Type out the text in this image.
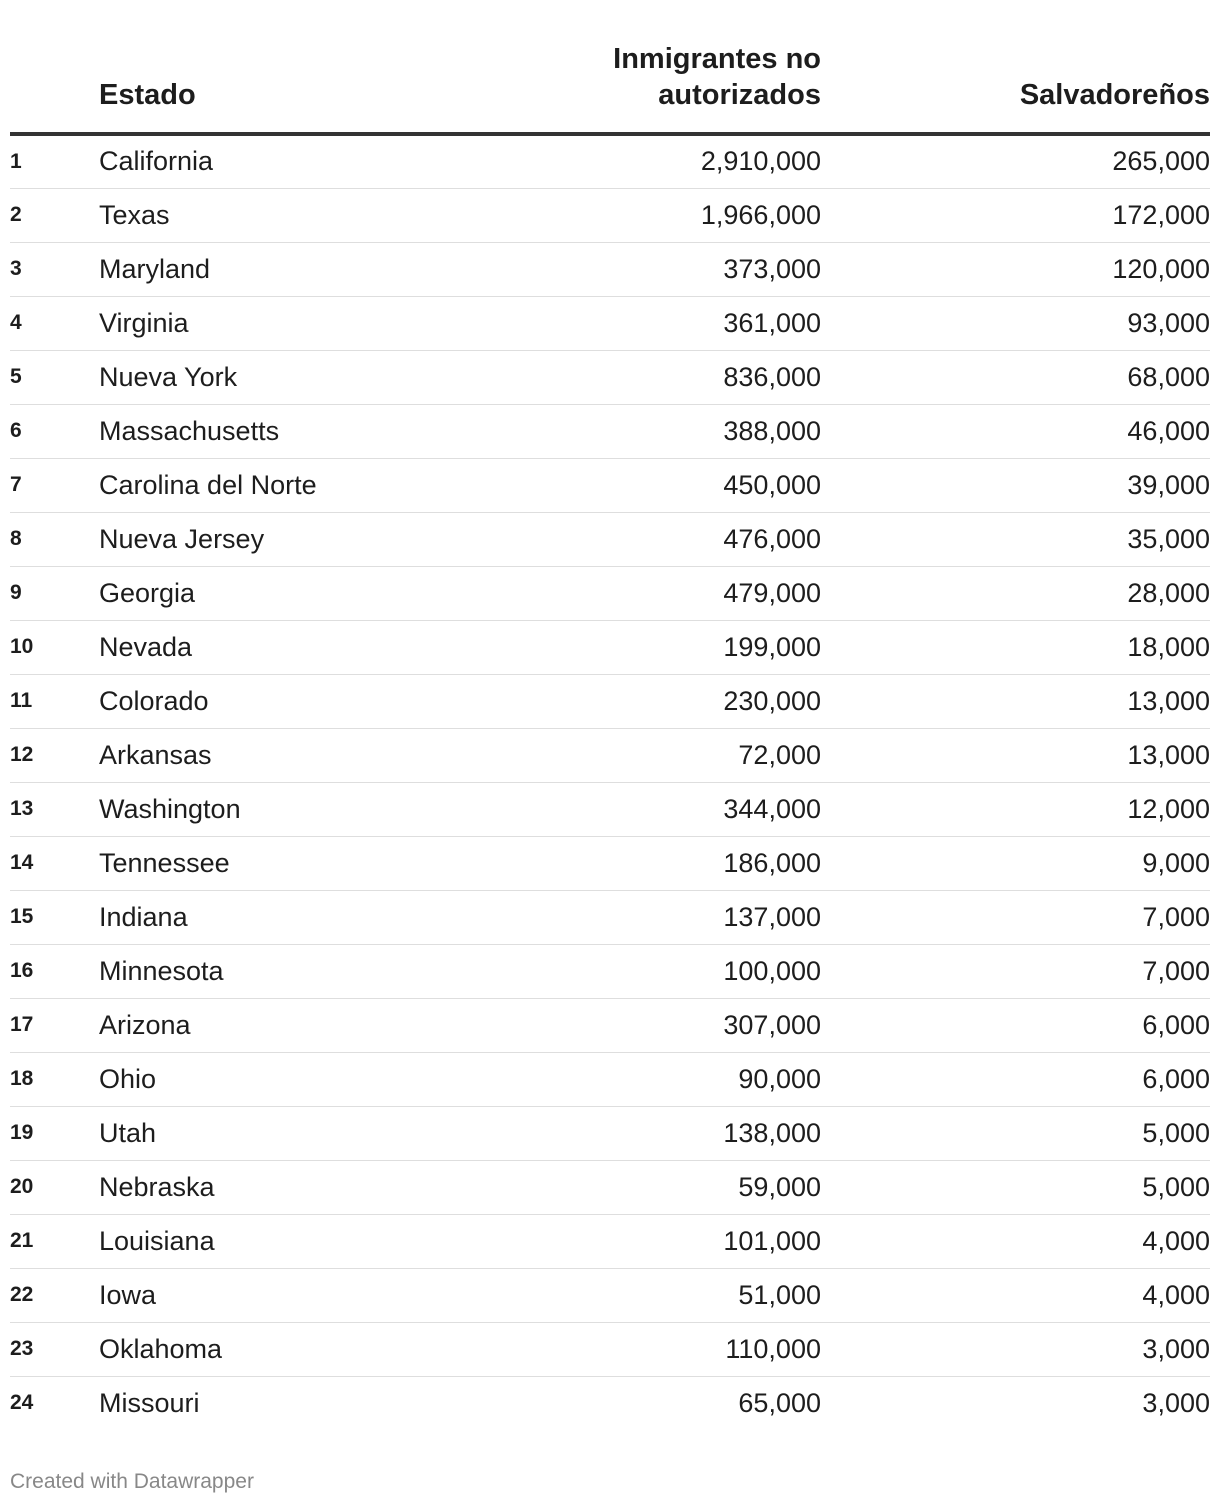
	Estado	Inmigrantes no autorizados	Salvadoreños
1	California	2,910,000	265,000
2	Texas	1,966,000	172,000
3	Maryland	373,000	120,000
4	Virginia	361,000	93,000
5	Nueva York	836,000	68,000
6	Massachusetts	388,000	46,000
7	Carolina del Norte	450,000	39,000
8	Nueva Jersey	476,000	35,000
9	Georgia	479,000	28,000
10	Nevada	199,000	18,000
11	Colorado	230,000	13,000
12	Arkansas	72,000	13,000
13	Washington	344,000	12,000
14	Tennessee	186,000	9,000
15	Indiana	137,000	7,000
16	Minnesota	100,000	7,000
17	Arizona	307,000	6,000
18	Ohio	90,000	6,000
19	Utah	138,000	5,000
20	Nebraska	59,000	5,000
21	Louisiana	101,000	4,000
22	Iowa	51,000	4,000
23	Oklahoma	110,000	3,000
24	Missouri	65,000	3,000
Created with Datawrapper
